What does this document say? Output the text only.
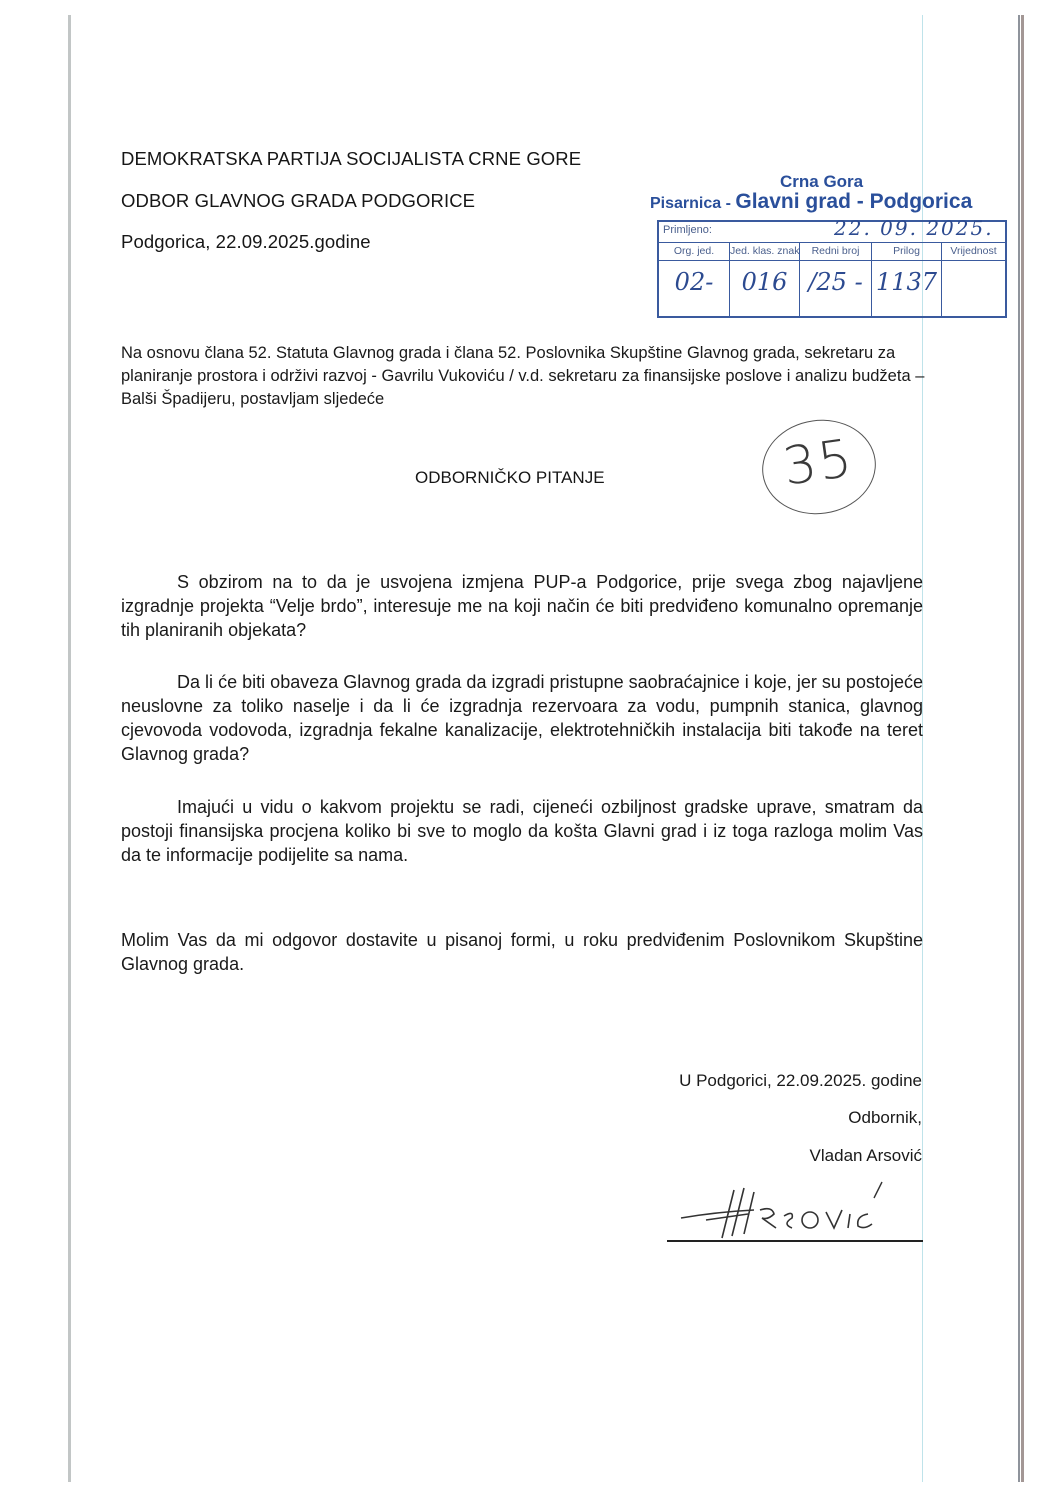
DEMOKRATSKA PARTIJA SOCIJALISTA CRNE GORE
ODBOR GLAVNOG GRADA PODGORICE
Podgorica, 22.09.2025.godine
Crna Gora
Pisarnica - Glavni grad - Podgorica
Primljeno:	22. 09. 2025.
Org. jed.
02-
Jed. klas. znak
016
Redni broj
/25 -
Prilog
1137
Vrijednost
Na osnovu člana 52. Statuta Glavnog grada i člana 52. Poslovnika Skupštine Glavnog grada, sekretaru za planiranje prostora i održivi razvoj - Gavrilu Vukoviću / v.d. sekretaru za finansijske poslove i analizu budžeta – Balši Špadijeru, postavljam sljedeće
ODBORNIČKO PITANJE	35
S obzirom na to da je usvojena izmjena PUP-a Podgorice, prije svega zbog najavljene izgradnje projekta “Velje brdo”, interesuje me na koji način će biti predviđeno komunalno opremanje tih planiranih objekata?
Da li će biti obaveza Glavnog grada da izgradi pristupne saobraćajnice i koje, jer su postojeće neuslovne za toliko naselje i da li će izgradnja rezervoara za vodu, pumpnih stanica, glavnog cjevovoda vodovoda, izgradnja fekalne kanalizacije, elektrotehničkih instalacija biti takođe na teret Glavnog grada?
Imajući u vidu o kakvom projektu se radi, cijeneći ozbiljnost gradske uprave, smatram da postoji finansijska procjena koliko bi sve to moglo da košta Glavni grad i iz toga razloga molim Vas da te informacije podijelite sa nama.
Molim Vas da mi odgovor dostavite u pisanoj formi, u roku predviđenim Poslovnikom Skupštine Glavnog grada.
U Podgorici, 22.09.2025. godine
Odbornik,
Vladan Arsović
